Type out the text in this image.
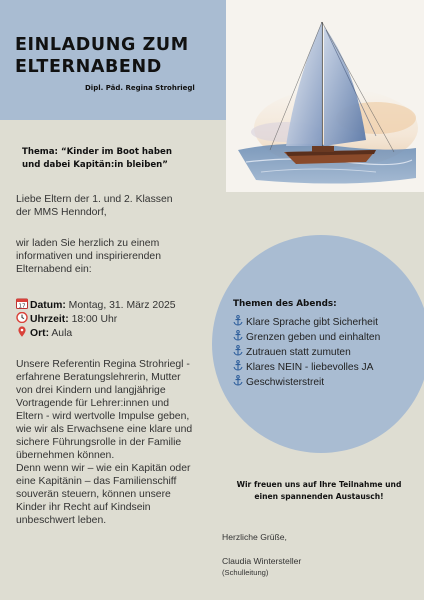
EINLADUNG ZUM
ELTERNABEND
Dipl. Päd. Regina Strohriegl
Thema: “Kinder im Boot haben
und dabei Kapitän:in bleiben”
Liebe Eltern der 1. und 2. Klassen
der MMS Henndorf,
wir laden Sie herzlich zu einem
informativen und inspirierenden
Elternabend ein:
17 Datum: Montag, 31. März 2025
Uhrzeit: 18:00 Uhr
Ort: Aula
Unsere Referentin Regina Strohriegl -
erfahrene Beratungslehrerin, Mutter
von drei Kindern und langjährige
Vortragende für Lehrer:innen und
Eltern - wird wertvolle Impulse geben,
wie wir als Erwachsene eine klare und
sichere Führungsrolle in der Familie
übernehmen können.
Denn wenn wir – wie ein Kapitän oder
eine Kapitänin – das Familienschiff
souverän steuern, können unsere
Kinder ihr Recht auf Kindsein
unbeschwert leben.
Themen des Abends:
Klare Sprache gibt Sicherheit
Grenzen geben und einhalten
Zutrauen statt zumuten
Klares NEIN - liebevolles JA
Geschwisterstreit
Wir freuen uns auf Ihre Teilnahme und
einen spannenden Austausch!
Herzliche Grüße,
Claudia Wintersteller
(Schulleitung)
